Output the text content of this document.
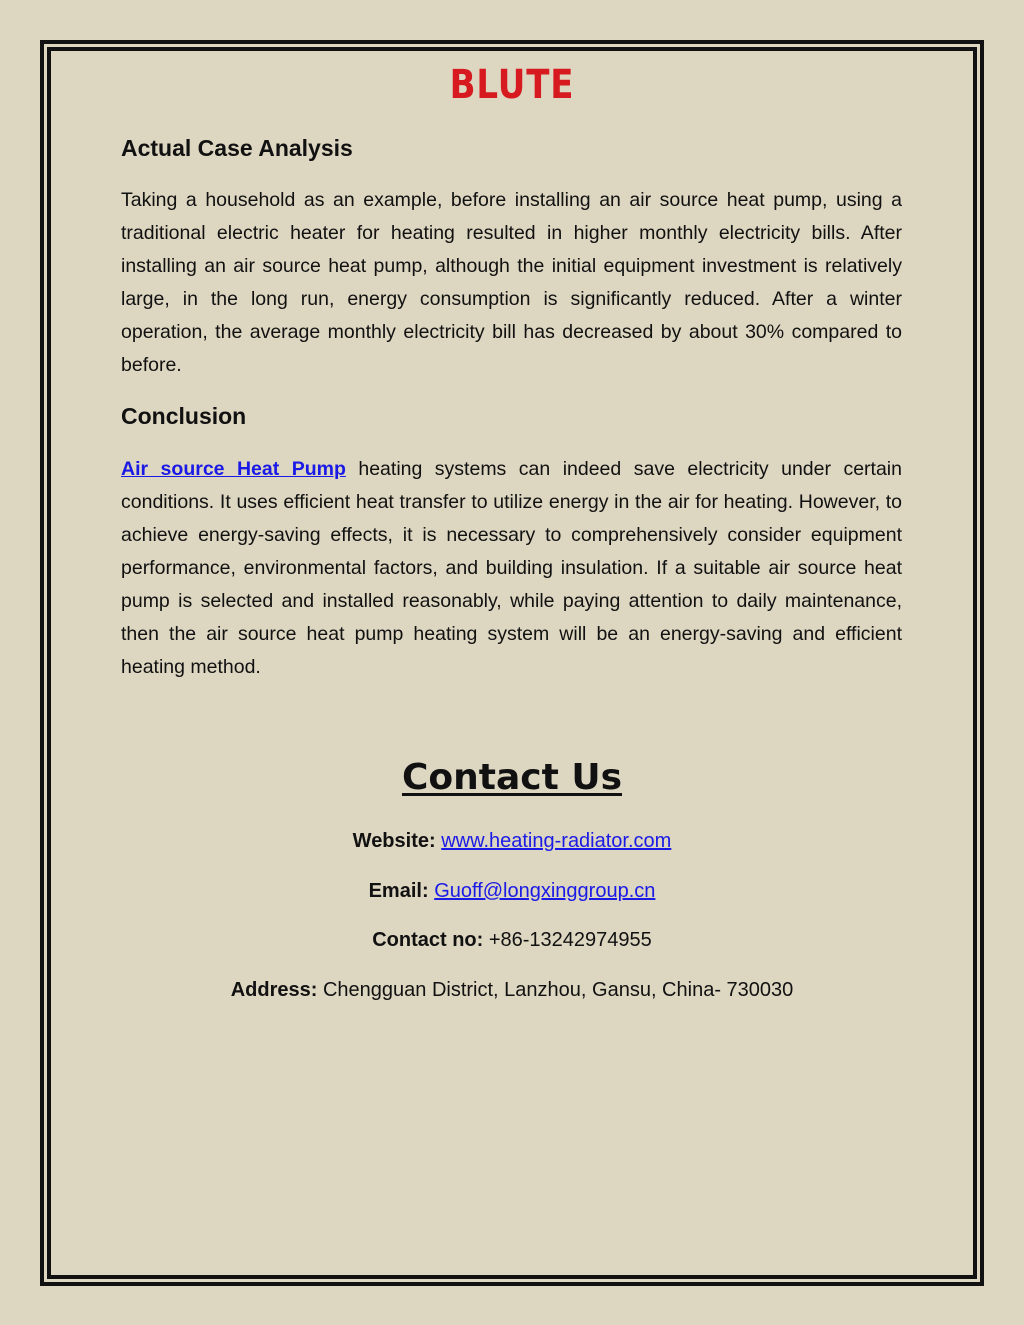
BLUTE
Actual Case Analysis
Taking a household as an example, before installing an air source heat pump, using a traditional electric heater for heating resulted in higher monthly electricity bills. After installing an air source heat pump, although the initial equipment investment is relatively large, in the long run, energy consumption is significantly reduced. After a winter operation, the average monthly electricity bill has decreased by about 30% compared to before.
Conclusion
Air source Heat Pump heating systems can indeed save electricity under certain conditions. It uses efficient heat transfer to utilize energy in the air for heating. However, to achieve energy-saving effects, it is necessary to comprehensively consider equipment performance, environmental factors, and building insulation. If a suitable air source heat pump is selected and installed reasonably, while paying attention to daily maintenance, then the air source heat pump heating system will be an energy-saving and efficient heating method.
Contact Us
Website: www.heating-radiator.com
Email: Guoff@longxinggroup.cn
Contact no: +86-13242974955
Address: Chengguan District, Lanzhou, Gansu, China- 730030
